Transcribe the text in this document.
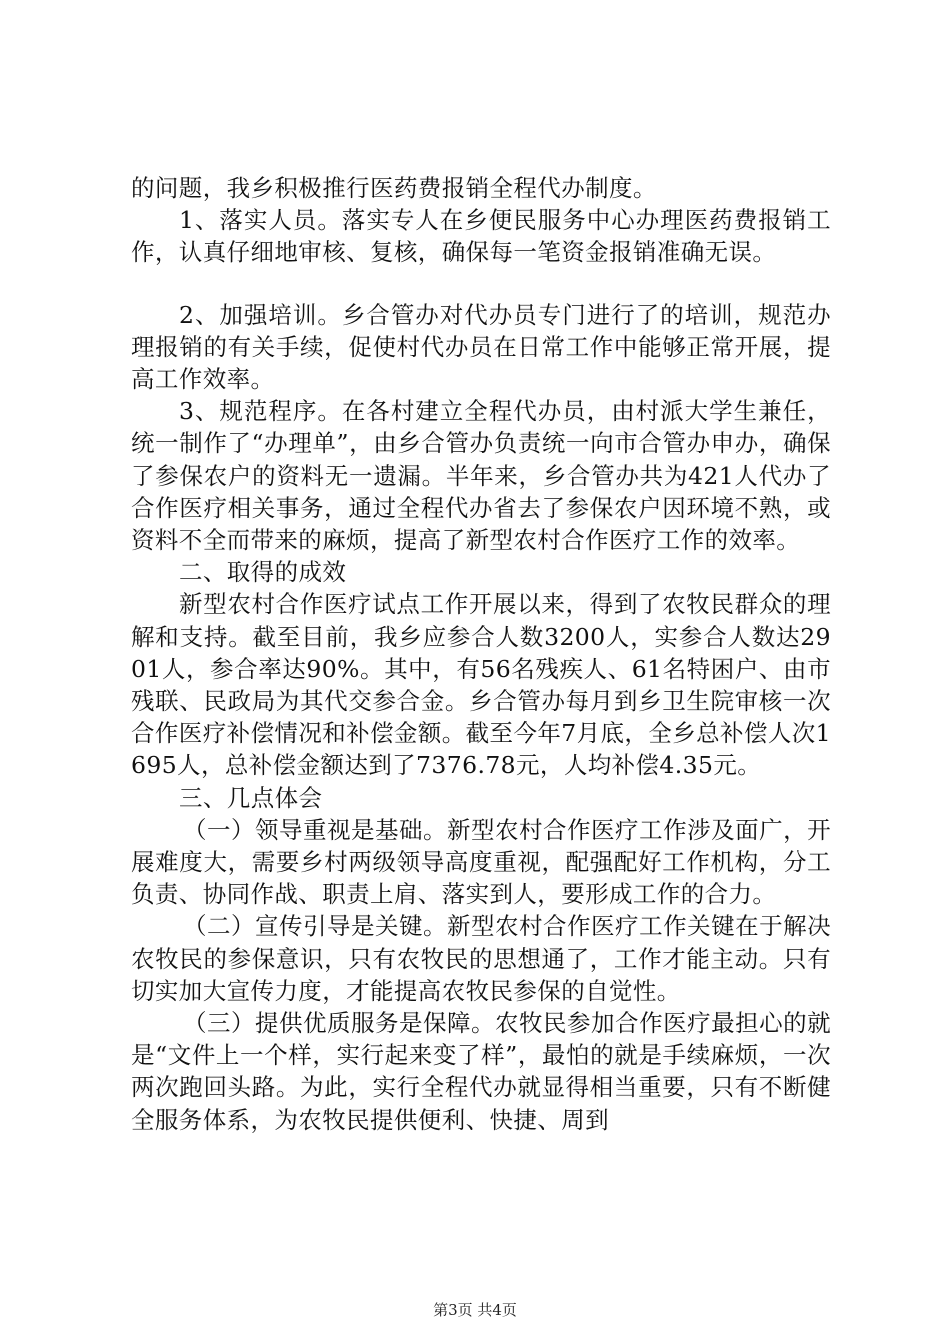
的问题，我乡积极推行医药费报销全程代办制度。

1、落实人员。落实专人在乡便民服务中心办理医药费报销工作，认真仔细地审核、复核，确保每一笔资金报销准确无误。

2、加强培训。乡合管办对代办员专门进行了的培训，规范办理报销的有关手续，促使村代办员在日常工作中能够正常开展，提高工作效率。

3、规范程序。在各村建立全程代办员，由村派大学生兼任，统一制作了“办理单”，由乡合管办负责统一向市合管办申办，确保了参保农户的资料无一遗漏。半年来，乡合管办共为421人代办了合作医疗相关事务，通过全程代办省去了参保农户因环境不熟，或资料不全而带来的麻烦，提高了新型农村合作医疗工作的效率。

二、取得的成效

新型农村合作医疗试点工作开展以来，得到了农牧民群众的理解和支持。截至目前，我乡应参合人数3200人，实参合人数达2901人，参合率达90%。其中，有56名残疾人、61名特困户、由市残联、民政局为其代交参合金。乡合管办每月到乡卫生院审核一次合作医疗补偿情况和补偿金额。截至今年7月底，全乡总补偿人次1695人，总补偿金额达到了7376.78元，人均补偿4.35元。

三、几点体会

（一）领导重视是基础。新型农村合作医疗工作涉及面广，开展难度大，需要乡村两级领导高度重视，配强配好工作机构，分工负责、协同作战、职责上肩、落实到人，要形成工作的合力。

（二）宣传引导是关键。新型农村合作医疗工作关键在于解决农牧民的参保意识，只有农牧民的思想通了，工作才能主动。只有切实加大宣传力度，才能提高农牧民参保的自觉性。

（三）提供优质服务是保障。农牧民参加合作医疗最担心的就是“文件上一个样，实行起来变了样”，最怕的就是手续麻烦，一次两次跑回头路。为此，实行全程代办就显得相当重要，只有不断健全服务体系，为农牧民提供便利、快捷、周到

第3页 共4页
